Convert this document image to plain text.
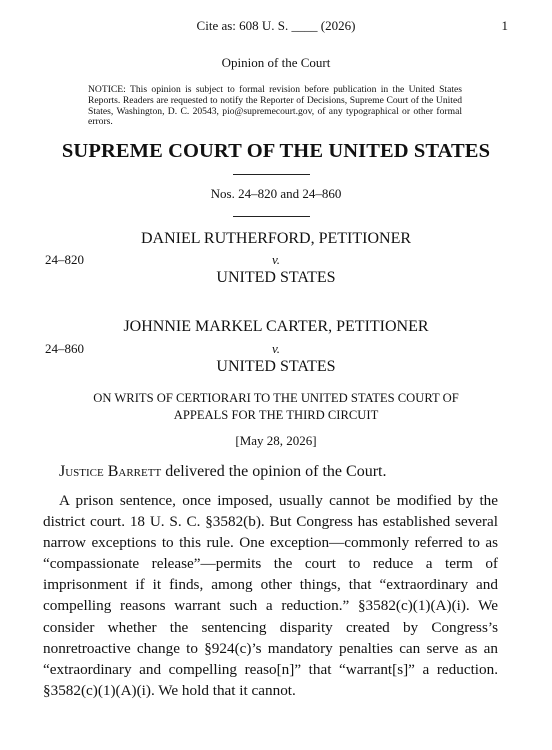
Cite as: 608 U. S. ____ (2026)	1
Opinion of the Court

NOTICE: This opinion is subject to formal revision before publication in the United States Reports. Readers are requested to notify the Reporter of Decisions, Supreme Court of the United States, Washington, D. C. 20543, pio@supremecourt.gov, of any typographical or other formal errors.

SUPREME COURT OF THE UNITED STATES
Nos. 24–820 and 24–860
DANIEL RUTHERFORD, PETITIONER
24–820	v.
UNITED STATES
JOHNNIE MARKEL CARTER, PETITIONER
24–860	v.
UNITED STATES
ON WRITS OF CERTIORARI TO THE UNITED STATES COURT OF
APPEALS FOR THE THIRD CIRCUIT
[May 28, 2026]
Justice Barrett delivered the opinion of the Court.

A prison sentence, once imposed, usually cannot be modified by the district court. 18 U. S. C. §3582(b). But Congress has established several narrow exceptions to this rule. One exception—commonly referred to as “compassionate release”—permits the court to reduce a term of imprisonment if it finds, among other things, that “extraordinary and compelling reasons warrant such a reduction.” §3582(c)(1)(A)(i). We consider whether the sentencing disparity created by Congress’s nonretroactive change to §924(c)’s mandatory penalties can serve as an “extraordinary and compelling reaso[n]” that “warrant[s]” a reduction. §3582(c)(1)(A)(i). We hold that it cannot.
